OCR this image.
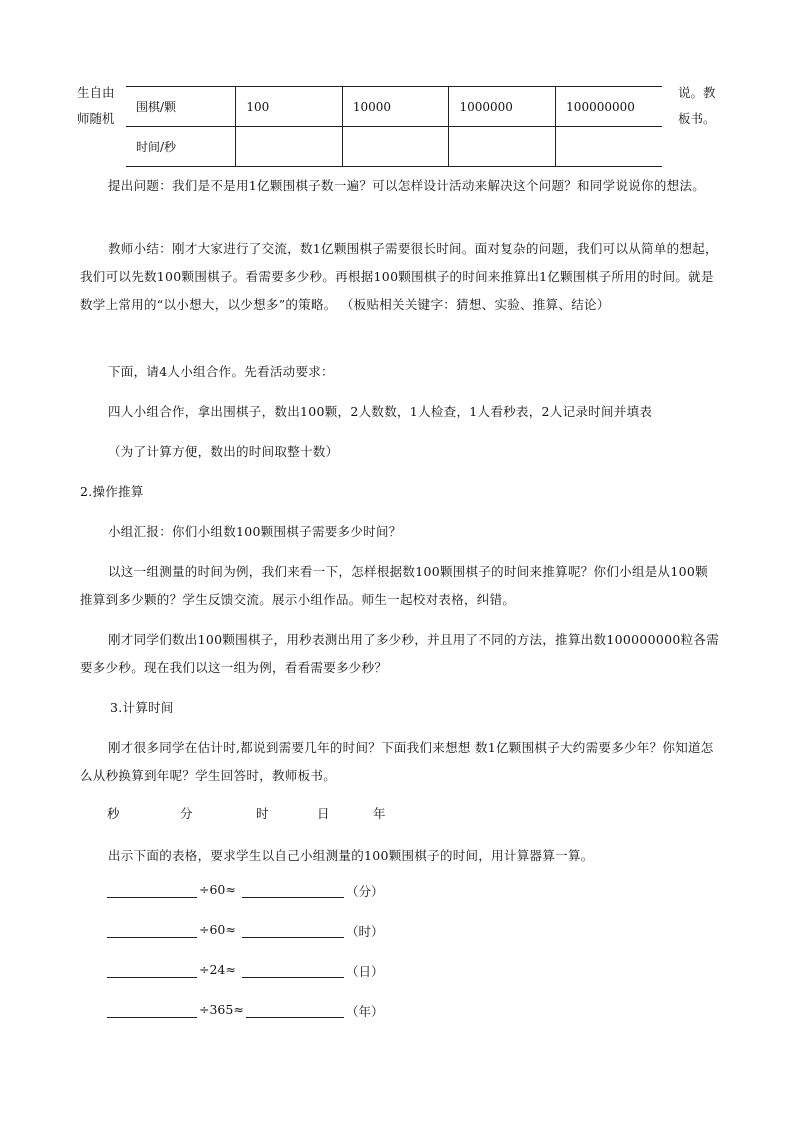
生自由
师随机
说。教
板书。
围棋/颗	100	10000	1000000	100000000
时间/秒				
提出问题：我们是不是用1亿颗围棋子数一遍？可以怎样设计活动来解决这个问题？和同学说说你的想法。
教师小结：刚才大家进行了交流，数1亿颗围棋子需要很长时间。面对复杂的问题，我们可以从简单的想起，我们可以先数100颗围棋子。看需要多少秒。再根据100颗围棋子的时间来推算出1亿颗围棋子所用的时间。就是数学上常用的“以小想大，以少想多”的策略。 （板贴相关关键字：猜想、实验、推算、结论）
下面，请4人小组合作。先看活动要求：
四人小组合作，拿出围棋子，数出100颗，2人数数，1人检查，1人看秒表，2人记录时间并填表
（为了计算方便，数出的时间取整十数）
2.操作推算
小组汇报：你们小组数100颗围棋子需要多少时间？
以这一组测量的时间为例，我们来看一下，怎样根据数100颗围棋子的时间来推算呢？你们小组是从100颗推算到多少颗的？学生反馈交流。展示小组作品。师生一起校对表格，纠错。
刚才同学们数出100颗围棋子，用秒表测出用了多少秒，并且用了不同的方法，推算出数100000000粒各需要多少秒。现在我们以这一组为例，看看需要多少秒？
3.计算时间
刚才很多同学在估计时,都说到需要几年的时间？下面我们来想想 数1亿颗围棋子大约需要多少年？你知道怎么从秒换算到年呢？学生回答时，教师板书。
秒	分	时	日	年
出示下面的表格，要求学生以自己小组测量的100颗围棋子的时间，用计算器算一算。
÷60≈	（分）
÷60≈	（时）
÷24≈	（日）
÷365≈	（年）
